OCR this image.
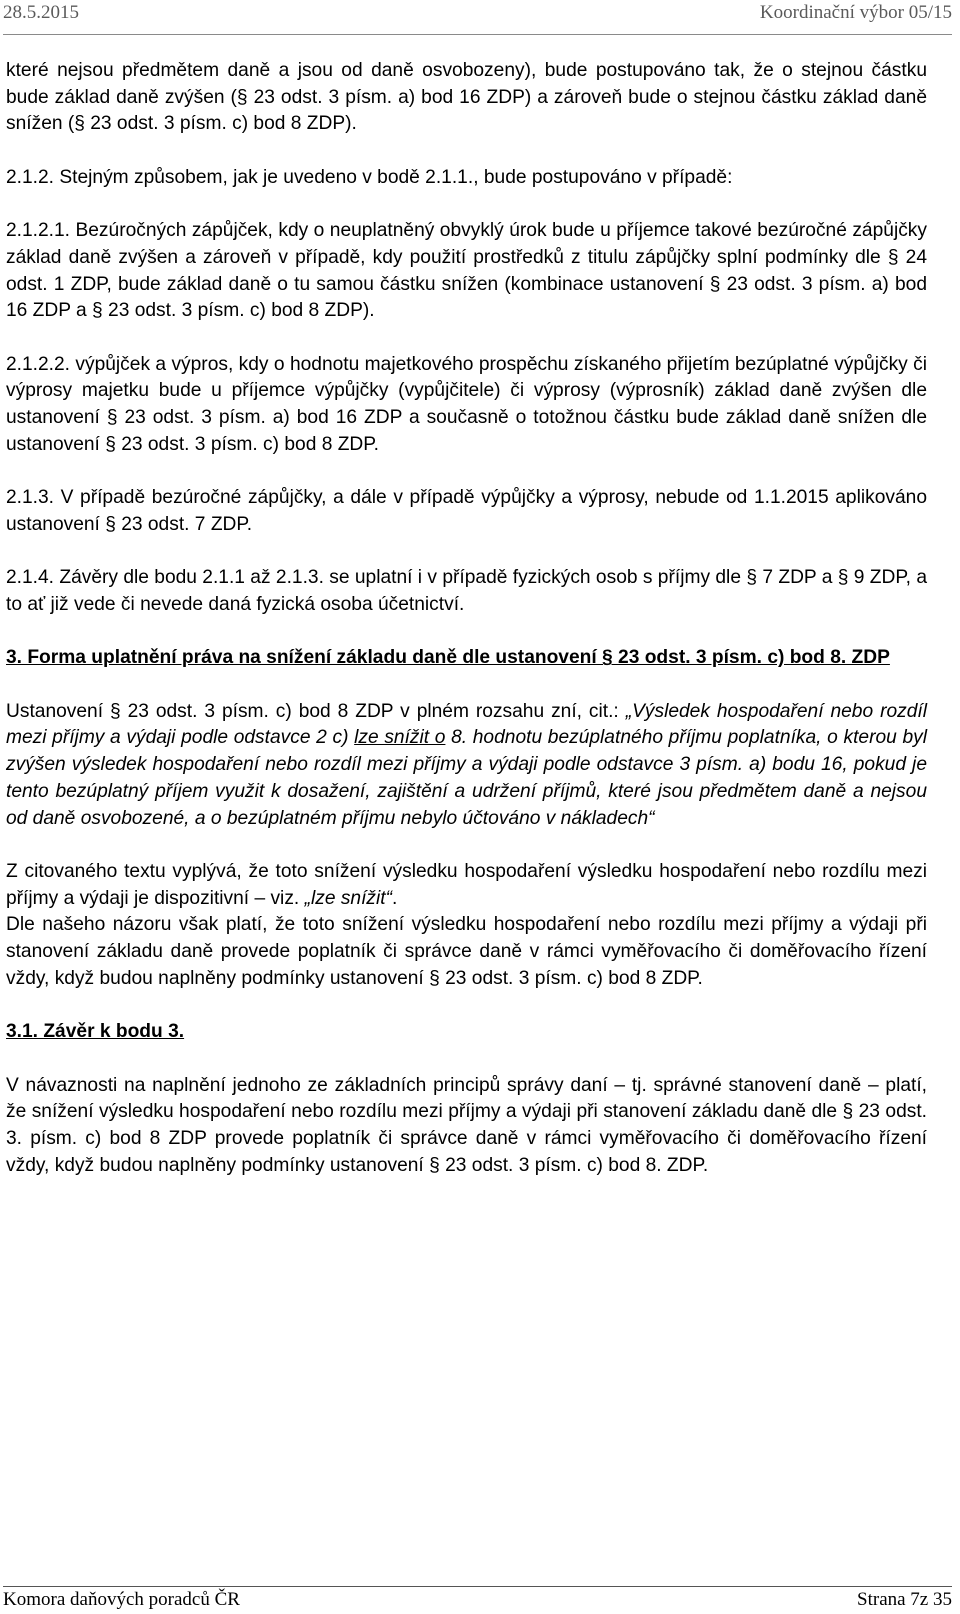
28.5.2015	Koordinační výbor 05/15

které nejsou předmětem daně a jsou od daně osvobozeny), bude postupováno tak, že o stejnou částku bude základ daně zvýšen (§ 23 odst. 3 písm. a) bod 16 ZDP) a zároveň bude o stejnou částku základ daně snížen (§ 23 odst. 3 písm. c) bod 8 ZDP).

2.1.2. Stejným způsobem, jak je uvedeno v bodě 2.1.1., bude postupováno v případě:

2.1.2.1. Bezúročných zápůjček, kdy o neuplatněný obvyklý úrok bude u příjemce takové bezúročné zápůjčky základ daně zvýšen a zároveň v případě, kdy použití prostředků z titulu zápůjčky splní podmínky dle § 24 odst. 1 ZDP, bude základ daně o tu samou částku snížen (kombinace ustanovení § 23 odst. 3 písm. a) bod 16 ZDP a § 23 odst. 3 písm. c) bod 8 ZDP).

2.1.2.2. výpůjček a výpros, kdy o hodnotu majetkového prospěchu získaného přijetím bezúplatné výpůjčky či výprosy majetku bude u příjemce výpůjčky (vypůjčitele) či výprosy (výprosník) základ daně zvýšen dle ustanovení § 23 odst. 3 písm. a) bod 16 ZDP a současně o totožnou částku bude základ daně snížen dle ustanovení § 23 odst. 3 písm. c) bod 8 ZDP.

2.1.3. V případě bezúročné zápůjčky, a dále v případě výpůjčky a výprosy, nebude od 1.1.2015 aplikováno ustanovení § 23 odst. 7 ZDP.

2.1.4. Závěry dle bodu 2.1.1 až 2.1.3. se uplatní i v případě fyzických osob s příjmy dle § 7 ZDP a § 9 ZDP, a to ať již vede či nevede daná fyzická osoba účetnictví.

3. Forma uplatnění práva na snížení základu daně dle ustanovení § 23 odst. 3 písm. c) bod 8. ZDP

Ustanovení § 23 odst. 3 písm. c) bod 8 ZDP v plném rozsahu zní, cit.: „Výsledek hospodaření nebo rozdíl mezi příjmy a výdaji podle odstavce 2 c) lze snížit o 8. hodnotu bezúplatného příjmu poplatníka, o kterou byl zvýšen výsledek hospodaření nebo rozdíl mezi příjmy a výdaji podle odstavce 3 písm. a) bodu 16, pokud je tento bezúplatný příjem využit k dosažení, zajištění a udržení příjmů, které jsou předmětem daně a nejsou od daně osvobozené, a o bezúplatném příjmu nebylo účtováno v nákladech“

Z citovaného textu vyplývá, že toto snížení výsledku hospodaření výsledku hospodaření nebo rozdílu mezi příjmy a výdaji je dispozitivní – viz. „lze snížit“.

Dle našeho názoru však platí, že toto snížení výsledku hospodaření nebo rozdílu mezi příjmy a výdaji při stanovení základu daně provede poplatník či správce daně v rámci vyměřovacího či doměřovacího řízení vždy, když budou naplněny podmínky ustanovení § 23 odst. 3 písm. c) bod 8 ZDP.

3.1. Závěr k bodu 3.

V návaznosti na naplnění jednoho ze základních principů správy daní – tj. správné stanovení daně – platí, že snížení výsledku hospodaření nebo rozdílu mezi příjmy a výdaji při stanovení základu daně dle § 23 odst. 3. písm. c) bod 8 ZDP provede poplatník či správce daně v rámci vyměřovacího či doměřovacího řízení vždy, když budou naplněny podmínky ustanovení § 23 odst. 3 písm. c) bod 8. ZDP.

Komora daňových poradců ČR	Strana 7z 35
